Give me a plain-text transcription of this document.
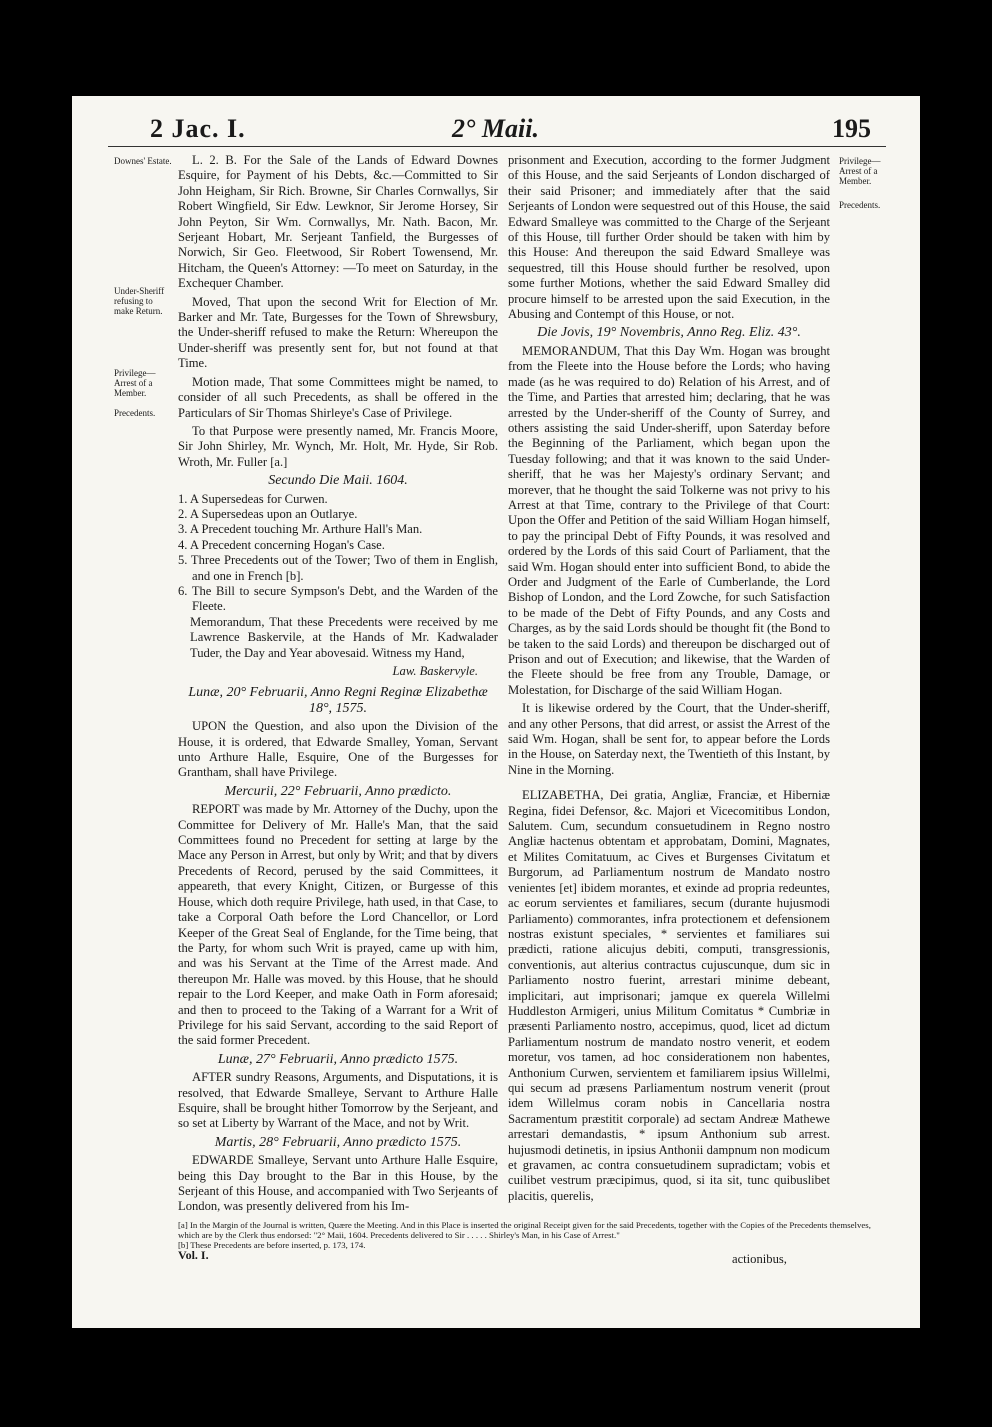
2 Jac. I.	2° Maii.	195
Downes' Estate.
Under-Sheriff refusing to make Return.
Privilege—Arrest of a Member.
Precedents.
Privilege—Arrest of a Member.
Precedents.

L. 2. B. For the Sale of the Lands of Edward Downes Esquire, for Payment of his Debts, &c.—Committed to Sir John Heigham, Sir Rich. Browne, Sir Charles Cornwallys, Sir Robert Wingfield, Sir Edw. Lewknor, Sir Jerome Horsey, Sir John Peyton, Sir Wm. Cornwallys, Mr. Nath. Bacon, Mr. Serjeant Hobart, Mr. Serjeant Tanfield, the Burgesses of Norwich, Sir Geo. Fleetwood, Sir Robert Towensend, Mr. Hitcham, the Queen's Attorney: —To meet on Saturday, in the Exchequer Chamber.

Moved, That upon the second Writ for Election of Mr. Barker and Mr. Tate, Burgesses for the Town of Shrewsbury, the Under-sheriff refused to make the Return: Whereupon the Under-sheriff was presently sent for, but not found at that Time.

Motion made, That some Committees might be named, to consider of all such Precedents, as shall be offered in the Particulars of Sir Thomas Shirleye's Case of Privilege.

To that Purpose were presently named, Mr. Francis Moore, Sir John Shirley, Mr. Wynch, Mr. Holt, Mr. Hyde, Sir Rob. Wroth, Mr. Fuller [a.]

Secundo Die Maii. 1604.

1. A Supersedeas for Curwen.
2. A Supersedeas upon an Outlarye.
3. A Precedent touching Mr. Arthure Hall's Man.
4. A Precedent concerning Hogan's Case.
5. Three Precedents out of the Tower; Two of them in English, and one in French [b].
6. The Bill to secure Sympson's Debt, and the Warden of the Fleete.

Memorandum, That these Precedents were received by me Lawrence Baskervile, at the Hands of Mr. Kadwalader Tuder, the Day and Year abovesaid. Witness my Hand,

Law. Baskervyle.

Lunæ, 20° Februarii, Anno Regni Reginæ Elizabethæ 18°, 1575.

UPON the Question, and also upon the Division of the House, it is ordered, that Edwarde Smalley, Yoman, Servant unto Arthure Halle, Esquire, One of the Burgesses for Grantham, shall have Privilege.

Mercurii, 22° Februarii, Anno prædicto.

REPORT was made by Mr. Attorney of the Duchy, upon the Committee for Delivery of Mr. Halle's Man, that the said Committees found no Precedent for setting at large by the Mace any Person in Arrest, but only by Writ; and that by divers Precedents of Record, perused by the said Committees, it appeareth, that every Knight, Citizen, or Burgesse of this House, which doth require Privilege, hath used, in that Case, to take a Corporal Oath before the Lord Chancellor, or Lord Keeper of the Great Seal of Englande, for the Time being, that the Party, for whom such Writ is prayed, came up with him, and was his Servant at the Time of the Arrest made. And thereupon Mr. Halle was moved. by this House, that he should repair to the Lord Keeper, and make Oath in Form aforesaid; and then to proceed to the Taking of a Warrant for a Writ of Privilege for his said Servant, according to the said Report of the said former Precedent.

Lunæ, 27° Februarii, Anno prædicto 1575.

AFTER sundry Reasons, Arguments, and Disputations, it is resolved, that Edwarde Smalleye, Servant to Arthure Halle Esquire, shall be brought hither Tomorrow by the Serjeant, and so set at Liberty by Warrant of the Mace, and not by Writ.

Martis, 28° Februarii, Anno prædicto 1575.

EDWARDE Smalleye, Servant unto Arthure Halle Esquire, being this Day brought to the Bar in this House, by the Serjeant of this House, and accompanied with Two Serjeants of London, was presently delivered from his Im-

prisonment and Execution, according to the former Judgment of this House, and the said Serjeants of London discharged of their said Prisoner; and immediately after that the said Serjeants of London were sequestred out of this House, the said Edward Smalleye was committed to the Charge of the Serjeant of this House, till further Order should be taken with him by this House: And thereupon the said Edward Smalleye was sequestred, till this House should further be resolved, upon some further Motions, whether the said Edward Smalley did procure himself to be arrested upon the said Execution, in the Abusing and Contempt of this House, or not.

Die Jovis, 19° Novembris, Anno Reg. Eliz. 43°.

MEMORANDUM, That this Day Wm. Hogan was brought from the Fleete into the House before the Lords; who having made (as he was required to do) Relation of his Arrest, and of the Time, and Parties that arrested him; declaring, that he was arrested by the Under-sheriff of the County of Surrey, and others assisting the said Under-sheriff, upon Saterday before the Beginning of the Parliament, which began upon the Tuesday following; and that it was known to the said Under-sheriff, that he was her Majesty's ordinary Servant; and morever, that he thought the said Tolkerne was not privy to his Arrest at that Time, contrary to the Privilege of that Court: Upon the Offer and Petition of the said William Hogan himself, to pay the principal Debt of Fifty Pounds, it was resolved and ordered by the Lords of this said Court of Parliament, that the said Wm. Hogan should enter into sufficient Bond, to abide the Order and Judgment of the Earle of Cumberlande, the Lord Bishop of London, and the Lord Zowche, for such Satisfaction to be made of the Debt of Fifty Pounds, and any Costs and Charges, as by the said Lords should be thought fit (the Bond to be taken to the said Lords) and thereupon be discharged out of Prison and out of Execution; and likewise, that the Warden of the Fleete should be free from any Trouble, Damage, or Molestation, for Discharge of the said William Hogan.

It is likewise ordered by the Court, that the Under-sheriff, and any other Persons, that did arrest, or assist the Arrest of the said Wm. Hogan, shall be sent for, to appear before the Lords in the House, on Saterday next, the Twentieth of this Instant, by Nine in the Morning.

ELIZABETHA, Dei gratia, Angliæ, Franciæ, et Hiberniæ Regina, fidei Defensor, &c. Majori et Vicecomitibus London, Salutem. Cum, secundum consuetudinem in Regno nostro Angliæ hactenus obtentam et approbatam, Domini, Magnates, et Milites Comitatuum, ac Cives et Burgenses Civitatum et Burgorum, ad Parliamentum nostrum de Mandato nostro venientes [et] ibidem morantes, et exinde ad propria redeuntes, ac eorum servientes et familiares, secum (durante hujusmodi Parliamento) commorantes, infra protectionem et defensionem nostras existunt speciales, * servientes et familiares sui prædicti, ratione alicujus debiti, computi, transgressionis, conventionis, aut alterius contractus cujuscunque, dum sic in Parliamento nostro fuerint, arrestari minime debeant, implicitari, aut imprisonari; jamque ex querela Willelmi Huddleston Armigeri, unius Militum Comitatus * Cumbriæ in præsenti Parliamento nostro, accepimus, quod, licet ad dictum Parliamentum nostrum de mandato nostro venerit, et eodem moretur, vos tamen, ad hoc considerationem non habentes, Anthonium Curwen, servientem et familiarem ipsius Willelmi, qui secum ad præsens Parliamentum nostrum venerit (prout idem Willelmus coram nobis in Cancellaria nostra Sacramentum præstitit corporale) ad sectam Andreæ Mathewe arrestari demandastis, * ipsum Anthonium sub arrest. hujusmodi detinetis, in ipsius Anthonii dampnum non modicum et gravamen, ac contra consuetudinem supradictam; vobis et cuilibet vestrum præcipimus, quod, si ita sit, tunc quibuslibet placitis, querelis,

[a] In the Margin of the Journal is written, Quære the Meeting. And in this Place is inserted the original Receipt given for the said Precedents, together with the Copies of the Precedents themselves, which are by the Clerk thus endorsed: "2° Maii, 1604. Precedents delivered to Sir . . . . . Shirley's Man, in his Case of Arrest."
[b] These Precedents are before inserted, p. 173, 174.
Vol. I.	actionibus,
